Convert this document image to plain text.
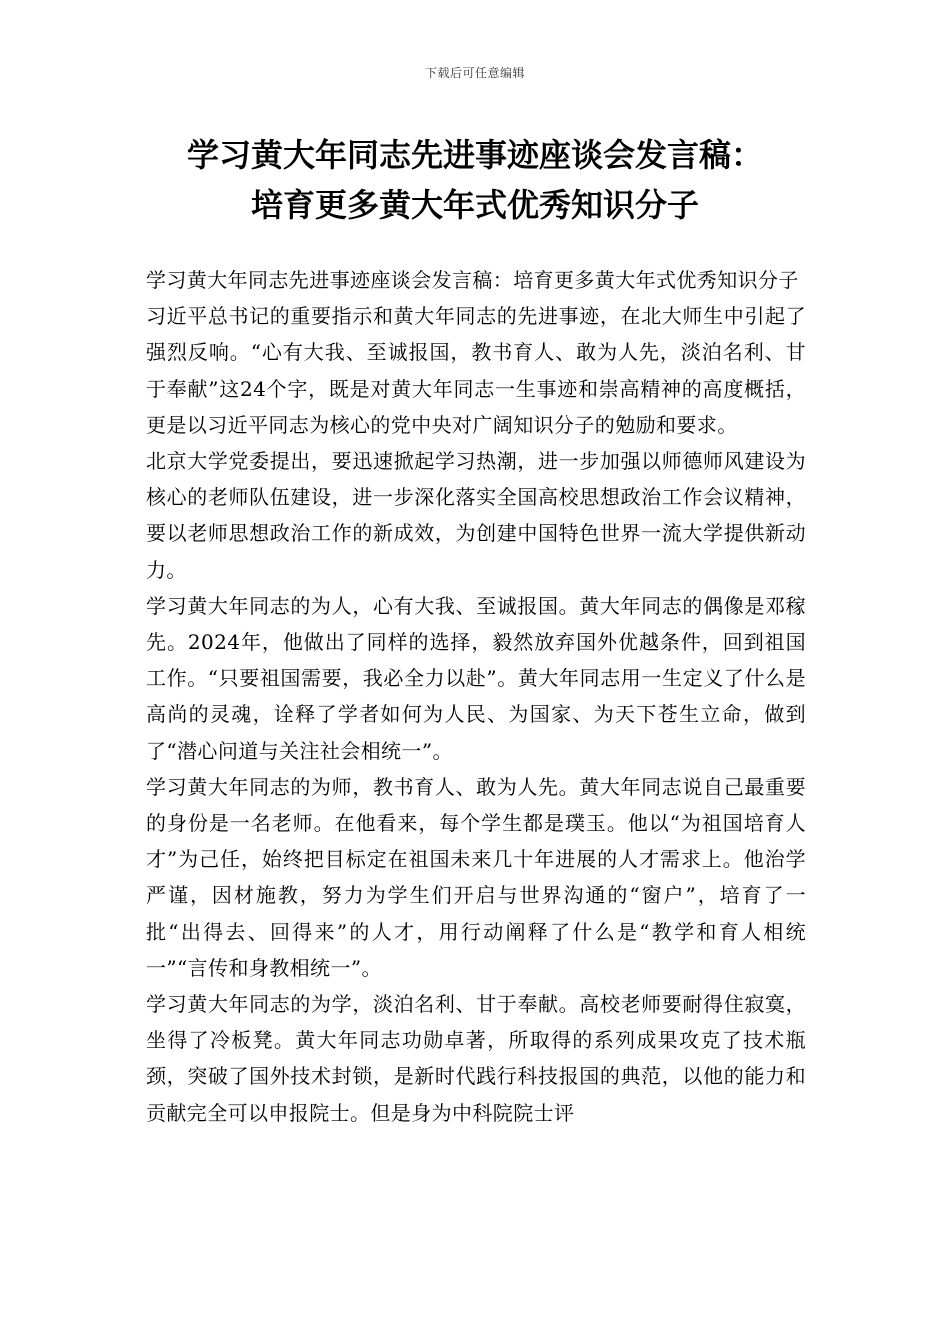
下载后可任意编辑
学习黄大年同志先进事迹座谈会发言稿：
培育更多黄大年式优秀知识分子

学习黄大年同志先进事迹座谈会发言稿：培育更多黄大年式优秀知识分子

习近平总书记的重要指示和黄大年同志的先进事迹，在北大师生中引起了强烈反响。“心有大我、至诚报国，教书育人、敢为人先，淡泊名利、甘于奉献”这24个字，既是对黄大年同志一生事迹和崇高精神的高度概括，更是以习近平同志为核心的党中央对广阔知识分子的勉励和要求。

北京大学党委提出，要迅速掀起学习热潮，进一步加强以师德师风建设为核心的老师队伍建设，进一步深化落实全国高校思想政治工作会议精神，要以老师思想政治工作的新成效，为创建中国特色世界一流大学提供新动力。

学习黄大年同志的为人，心有大我、至诚报国。黄大年同志的偶像是邓稼先。2024年，他做出了同样的选择，毅然放弃国外优越条件，回到祖国工作。“只要祖国需要，我必全力以赴”。黄大年同志用一生定义了什么是高尚的灵魂，诠释了学者如何为人民、为国家、为天下苍生立命，做到了“潜心问道与关注社会相统一”。

学习黄大年同志的为师，教书育人、敢为人先。黄大年同志说自己最重要的身份是一名老师。在他看来，每个学生都是璞玉。他以“为祖国培育人才”为己任，始终把目标定在祖国未来几十年进展的人才需求上。他治学严谨，因材施教，努力为学生们开启与世界沟通的“窗户”，培育了一批“出得去、回得来”的人才，用行动阐释了什么是“教学和育人相统一”“言传和身教相统一”。

学习黄大年同志的为学，淡泊名利、甘于奉献。高校老师要耐得住寂寞，坐得了冷板凳。黄大年同志功勋卓著，所取得的系列成果攻克了技术瓶颈，突破了国外技术封锁，是新时代践行科技报国的典范，以他的能力和贡献完全可以申报院士。但是身为中科院院士评
